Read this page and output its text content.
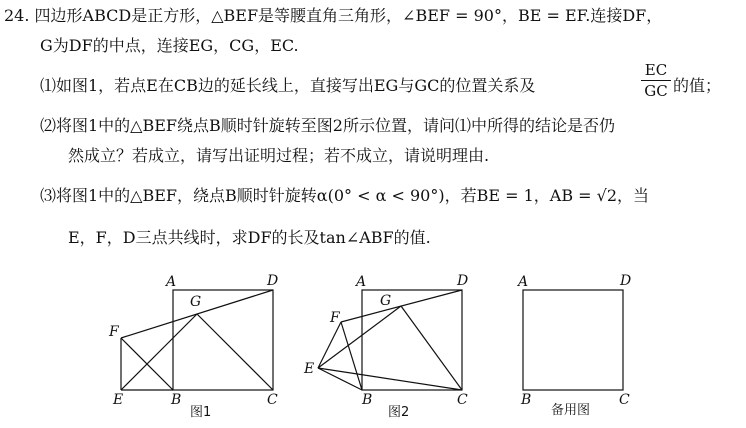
24. 四边形ABCD是正方形，△BEF是等腰直角三角形，∠BEF = 90°，BE = EF.连接DF，
G为DF的中点，连接EG，CG，EC.
⑴如图1，若点E在CB边的延长线上，直接写出EG与GC的位置关系及
EC
GC 的值；
⑵将图1中的△BEF绕点B顺时针旋转至图2所示位置，请问⑴中所得的结论是否仍
然成立？若成立，请写出证明过程；若不成立，请说明理由.
⑶将图1中的△BEF，绕点B顺时针旋转α(0° < α < 90°)，若BE = 1，AB = √2，当
E，F，D三点共线时，求DF的长及tan∠ABF的值.
A	D
G
F
E	B	C
图1
A	D
G
F
E
B	C
图2
A	D
B	C
备用图
